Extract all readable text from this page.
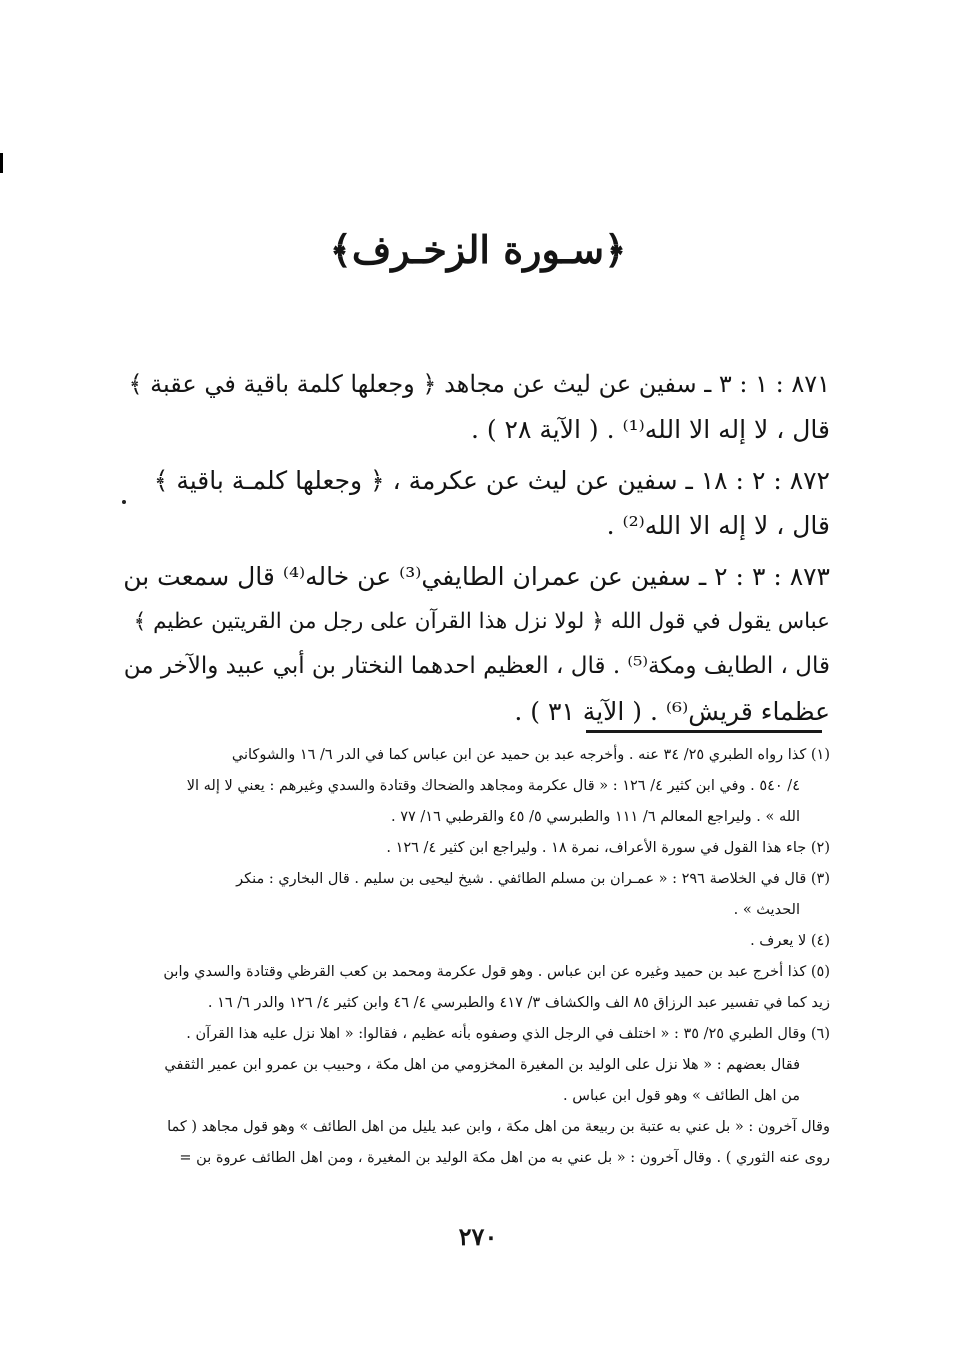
﴿سـورة الزخـرف﴾
٨٧١ : ١ : ٣ ـ سفين عن ليث عن مجاهد ﴿ وجعلها كلمة باقية في عقبة ﴾
قال ، لا إله الا الله⁽¹⁾ . ( الآية ٢٨ ) .
٨٧٢ : ٢ : ١٨ ـ سفين عن ليث عن عكرمة ، ﴿ وجعلها كلمـة باقية ﴾
قال ، لا إله الا الله⁽²⁾ .
٨٧٣ : ٣ : ٢ ـ سفين عن عمران الطايفي⁽³⁾ عن خاله⁽⁴⁾ قال سمعت بن
عباس يقول في قول الله ﴿ لولا نزل هذا القرآن على رجل من القريتين عظيم ﴾
قال ، الطايف ومكة⁽⁵⁾ . قال ، العظيم احدهما النختار بن أبي عبيد والآخر من
عظماء قريش⁽⁶⁾ . ( الآية ٣١ ) .
(١) كذا رواه الطبري ٢٥/ ٣٤ عنه . وأخرجه عبد بن حميد عن ابن عباس كما في الدر ٦/ ١٦ والشوكاني
٤/ ٥٤٠ . وفي ابن كثير ٤/ ١٢٦ : « قال عكرمة ومجاهد والضحاك وقتادة والسدي وغيرهم : يعني لا إله الا
الله » . وليراجع المعالم ٦/ ١١١ والطبرسي ٥/ ٤٥ والقرطبي ١٦/ ٧٧ .
(٢) جاء هذا القول في سورة الأعراف، نمرة ١٨ . وليراجع ابن كثير ٤/ ١٢٦ .
(٣) قال في الخلاصة ٢٩٦ : « عمـران بن مسلم الطائفي . شيخ ليحيى بن سليم . قال البخاري : منكر
الحديث » .
(٤) لا يعرف .
(٥) كذا أخرج عبد بن حميد وغيره عن ابن عباس . وهو قول عكرمة ومحمد بن كعب القرظي وقتادة والسدي وابن
زيد كما في تفسير عبد الرزاق ٨٥ الف والكشاف ٣/ ٤١٧ والطبرسي ٤/ ٤٦ وابن كثير ٤/ ١٢٦ والدر ٦/ ١٦ .
(٦) وقال الطبري ٢٥/ ٣٥ : « اختلف في الرجل الذي وصفوه بأنه عظيم ، فقالوا: « اهلا نزل عليه هذا القرآن .
فقال بعضهم : « هلا نزل على الوليد بن المغيرة المخزومي من اهل مكة ، وحبيب بن عمرو ابن عمير الثقفي
من اهل الطائف » وهو قول ابن عباس .
وقال آخرون : « بل عني به عتبة بن ربيعة من اهل مكة ، وابن عبد يليل من اهل الطائف » وهو قول مجاهد ( كما
روى عنه الثوري ) . وقال آخرون : « بل عني به من اهل مكة الوليد بن المغيرة ، ومن اهل الطائف عروة بن =
٢٧٠
